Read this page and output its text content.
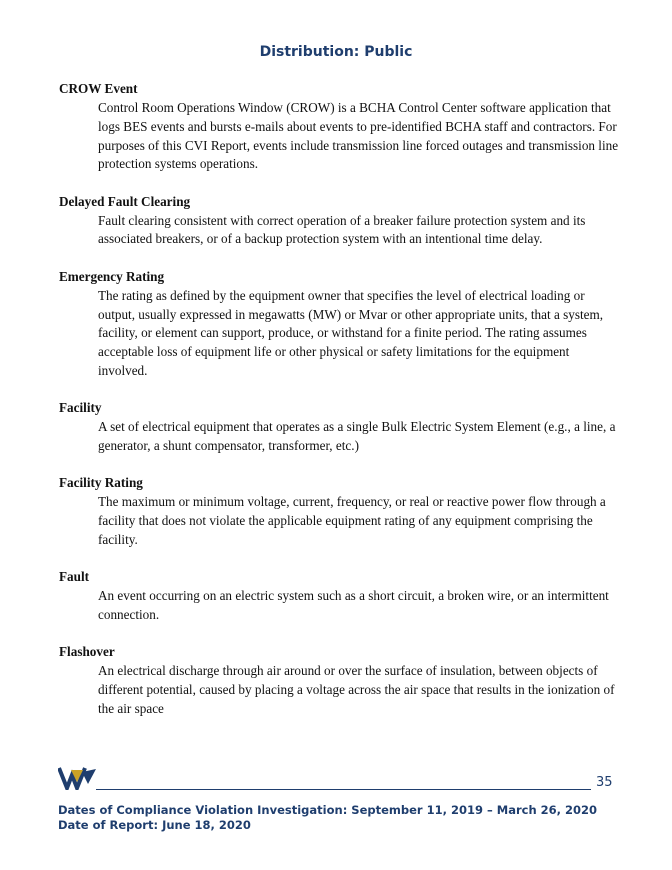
Distribution: Public
CROW Event
Control Room Operations Window (CROW) is a BCHA Control Center software application that logs BES events and bursts e-mails about events to pre-identified BCHA staff and contractors. For purposes of this CVI Report, events include transmission line forced outages and transmission line protection systems operations.
Delayed Fault Clearing
Fault clearing consistent with correct operation of a breaker failure protection system and its associated breakers, or of a backup protection system with an intentional time delay.
Emergency Rating
The rating as defined by the equipment owner that specifies the level of electrical loading or output, usually expressed in megawatts (MW) or Mvar or other appropriate units, that a system, facility, or element can support, produce, or withstand for a finite period. The rating assumes acceptable loss of equipment life or other physical or safety limitations for the equipment involved.
Facility
A set of electrical equipment that operates as a single Bulk Electric System Element (e.g., a line, a generator, a shunt compensator, transformer, etc.)
Facility Rating
The maximum or minimum voltage, current, frequency, or real or reactive power flow through a facility that does not violate the applicable equipment rating of any equipment comprising the facility.
Fault
An event occurring on an electric system such as a short circuit, a broken wire, or an intermittent connection.
Flashover
An electrical discharge through air around or over the surface of insulation, between objects of different potential, caused by placing a voltage across the air space that results in the ionization of the air space
35
Dates of Compliance Violation Investigation: September 11, 2019 – March 26, 2020
Date of Report: June 18, 2020
